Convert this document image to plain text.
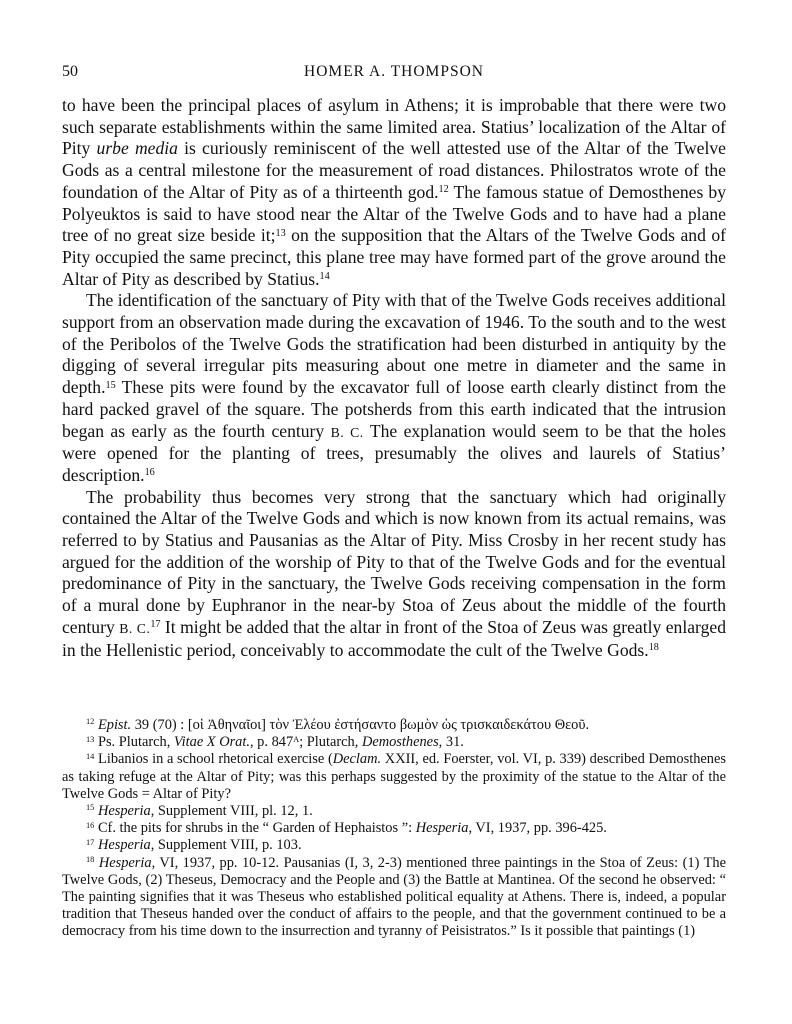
50	HOMER A. THOMPSON

to have been the principal places of asylum in Athens; it is improbable that there were two such separate establishments within the same limited area. Statius’ localization of the Altar of Pity urbe media is curiously reminiscent of the well attested use of the Altar of the Twelve Gods as a central milestone for the measurement of road distances. Philostratos wrote of the foundation of the Altar of Pity as of a thirteenth god.$^{12}$ The famous statue of Demosthenes by Polyeuktos is said to have stood near the Altar of the Twelve Gods and to have had a plane tree of no great size beside it;$^{13}$ on the supposition that the Altars of the Twelve Gods and of Pity occupied the same precinct, this plane tree may have formed part of the grove around the Altar of Pity as described by Statius.$^{14}$

The identification of the sanctuary of Pity with that of the Twelve Gods receives additional support from an observation made during the excavation of 1946. To the south and to the west of the Peribolos of the Twelve Gods the stratification had been disturbed in antiquity by the digging of several irregular pits measuring about one metre in diameter and the same in depth.$^{15}$ These pits were found by the excavator full of loose earth clearly distinct from the hard packed gravel of the square. The potsherds from this earth indicated that the intrusion began as early as the fourth century B. C. The explanation would seem to be that the holes were opened for the planting of trees, presumably the olives and laurels of Statius’ description.$^{16}$

The probability thus becomes very strong that the sanctuary which had originally contained the Altar of the Twelve Gods and which is now known from its actual remains, was referred to by Statius and Pausanias as the Altar of Pity. Miss Crosby in her recent study has argued for the addition of the worship of Pity to that of the Twelve Gods and for the eventual predominance of Pity in the sanctuary, the Twelve Gods receiving compensation in the form of a mural done by Euphranor in the near-by Stoa of Zeus about the middle of the fourth century B. C.$^{17}$ It might be added that the altar in front of the Stoa of Zeus was greatly enlarged in the Hellenistic period, conceivably to accommodate the cult of the Twelve Gods.$^{18}$

$^{12}$ Epist. 39 (70) : [οἱ Ἀθηναῖοι] τὸν Ἐλέου ἐστήσαντο βωμὸν ὡς τρισκαιδεκάτου Θεοῦ.

$^{13}$ Ps. Plutarch, Vitae X Orat., p. $847^A$; Plutarch, Demosthenes, 31.

$^{14}$ Libanios in a school rhetorical exercise (Declam. XXII, ed. Foerster, vol. VI, p. 339) described Demosthenes as taking refuge at the Altar of Pity; was this perhaps suggested by the proximity of the statue to the Altar of the Twelve Gods = Altar of Pity?

$^{15}$ Hesperia, Supplement VIII, pl. 12, 1.

$^{16}$ Cf. the pits for shrubs in the “ Garden of Hephaistos ”: Hesperia, VI, 1937, pp. 396-425.

$^{17}$ Hesperia, Supplement VIII, p. 103.

$^{18}$ Hesperia, VI, 1937, pp. 10-12. Pausanias (I, 3, 2-3) mentioned three paintings in the Stoa of Zeus: (1) The Twelve Gods, (2) Theseus, Democracy and the People and (3) the Battle at Mantinea. Of the second he observed: “ The painting signifies that it was Theseus who established political equality at Athens. There is, indeed, a popular tradition that Theseus handed over the conduct of affairs to the people, and that the government continued to be a democracy from his time down to the insurrection and tyranny of Peisistratos.” Is it possible that paintings (1)
